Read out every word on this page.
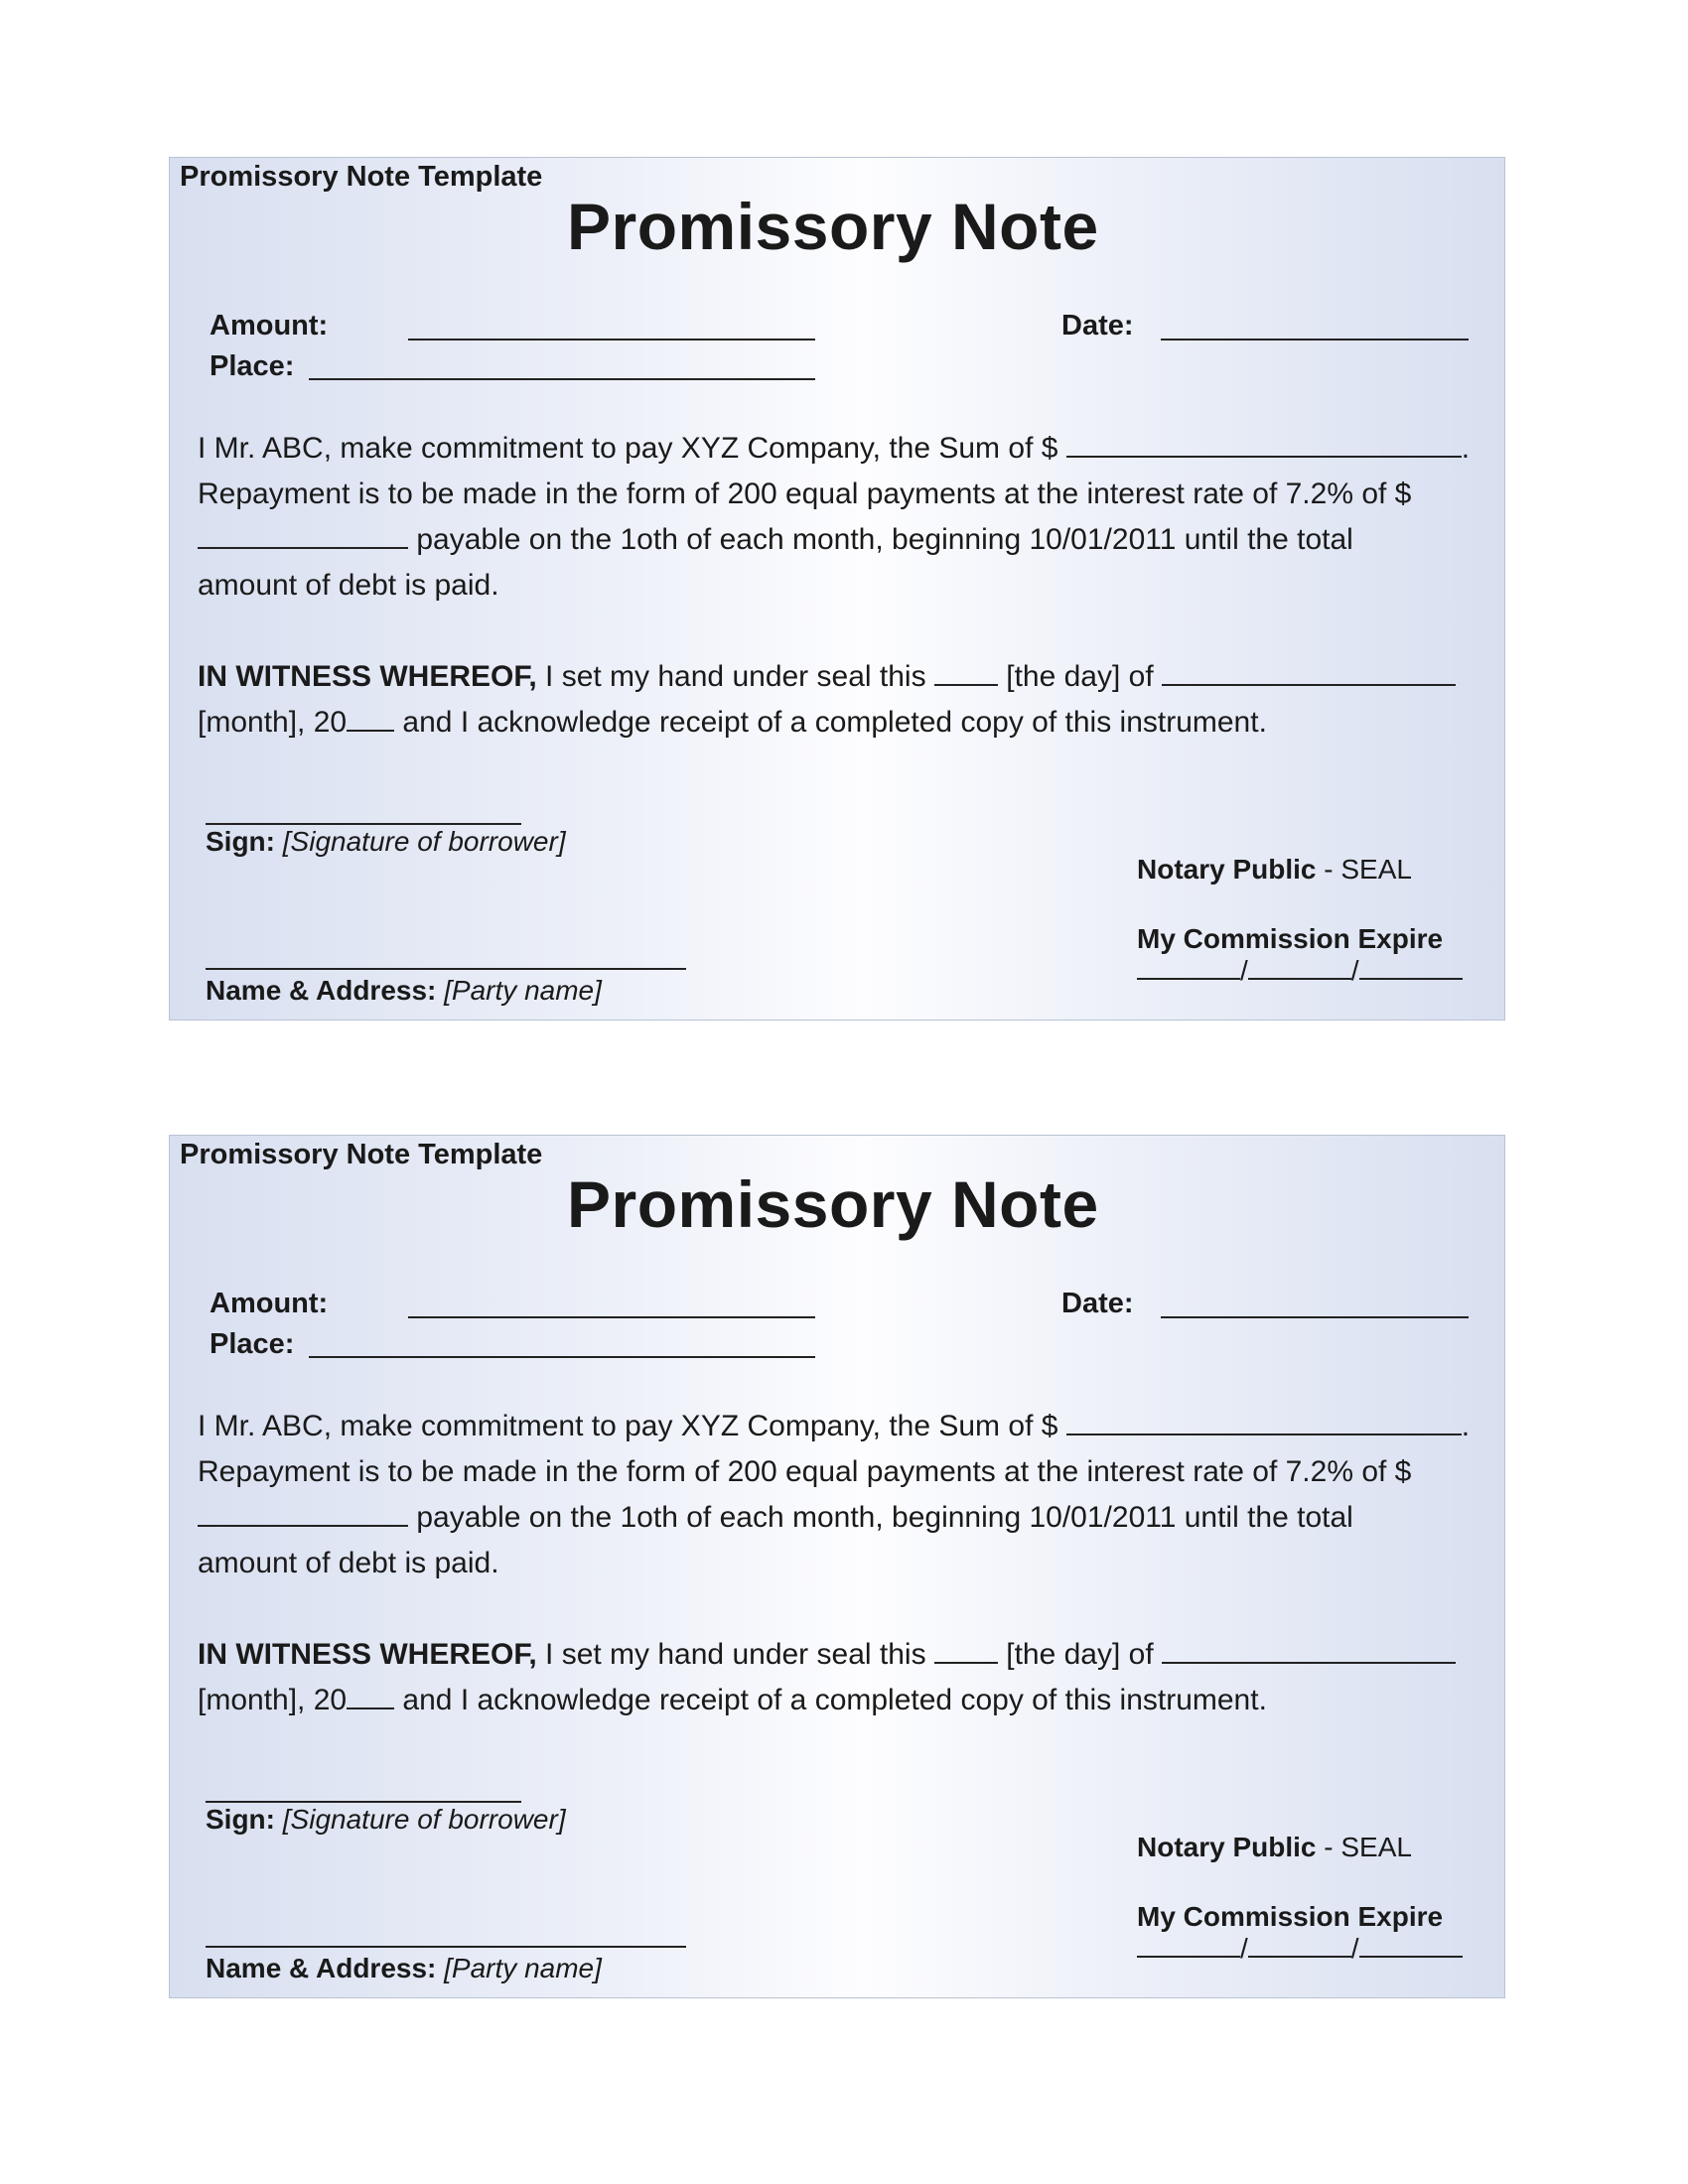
Promissory Note Template
Promissory Note
Amount:	Date:
Place:
I Mr. ABC, make commitment to pay XYZ Company, the Sum of $	.
Repayment is to be made in the form of 200 equal payments at the interest rate of 7.2% of $
payable on the 1oth of each month, beginning 10/01/2011 until the total
amount of debt is paid.
IN WITNESS WHEREOF, I set my hand under seal this  [the day] of
[month], 20 and I acknowledge receipt of a completed copy of this instrument.
Sign: [Signature of borrower]
Name & Address: [Party name]
Notary Public - SEAL
My Commission Expire
/	/
Promissory Note Template
Promissory Note
Amount:	Date:
Place:
I Mr. ABC, make commitment to pay XYZ Company, the Sum of $	.
Repayment is to be made in the form of 200 equal payments at the interest rate of 7.2% of $
payable on the 1oth of each month, beginning 10/01/2011 until the total
amount of debt is paid.
IN WITNESS WHEREOF, I set my hand under seal this  [the day] of
[month], 20 and I acknowledge receipt of a completed copy of this instrument.
Sign: [Signature of borrower]
Name & Address: [Party name]
Notary Public - SEAL
My Commission Expire
/	/
